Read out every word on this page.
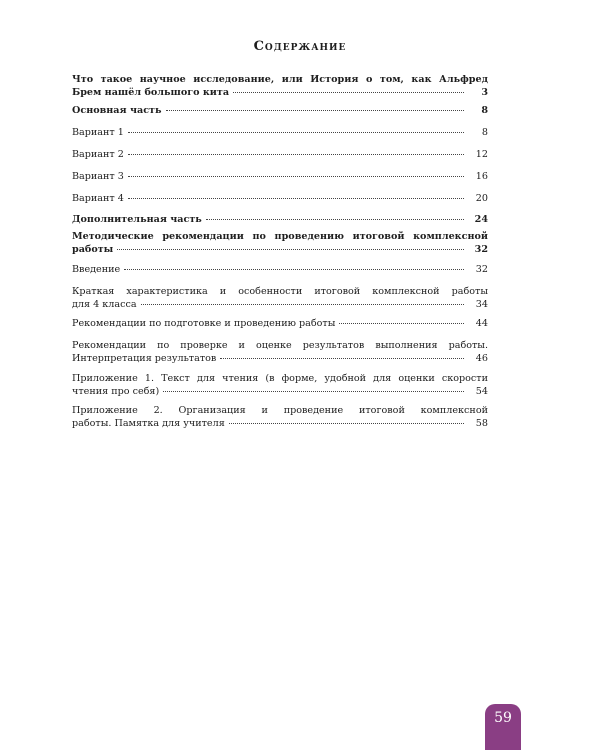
Содержание
Что такое научное исследование, или История о том, как Альфред
Брем нашёл большого кита	3
Основная часть	8
Вариант 1	8
Вариант 2	12
Вариант 3	16
Вариант 4	20
Дополнительная часть	24
Методические рекомендации по проведению итоговой комплексной
работы	32
Введение	32
Краткая характеристика и особенности итоговой комплексной работы
для 4 класса	34
Рекомендации по подготовке и проведению работы	44
Рекомендации по проверке и оценке результатов выполнения работы.
Интерпретация результатов	46
Приложение 1. Текст для чтения (в форме, удобной для оценки скорости
чтения про себя)	54
Приложение 2. Организация и проведение итоговой комплексной
работы. Памятка для учителя	58
59
